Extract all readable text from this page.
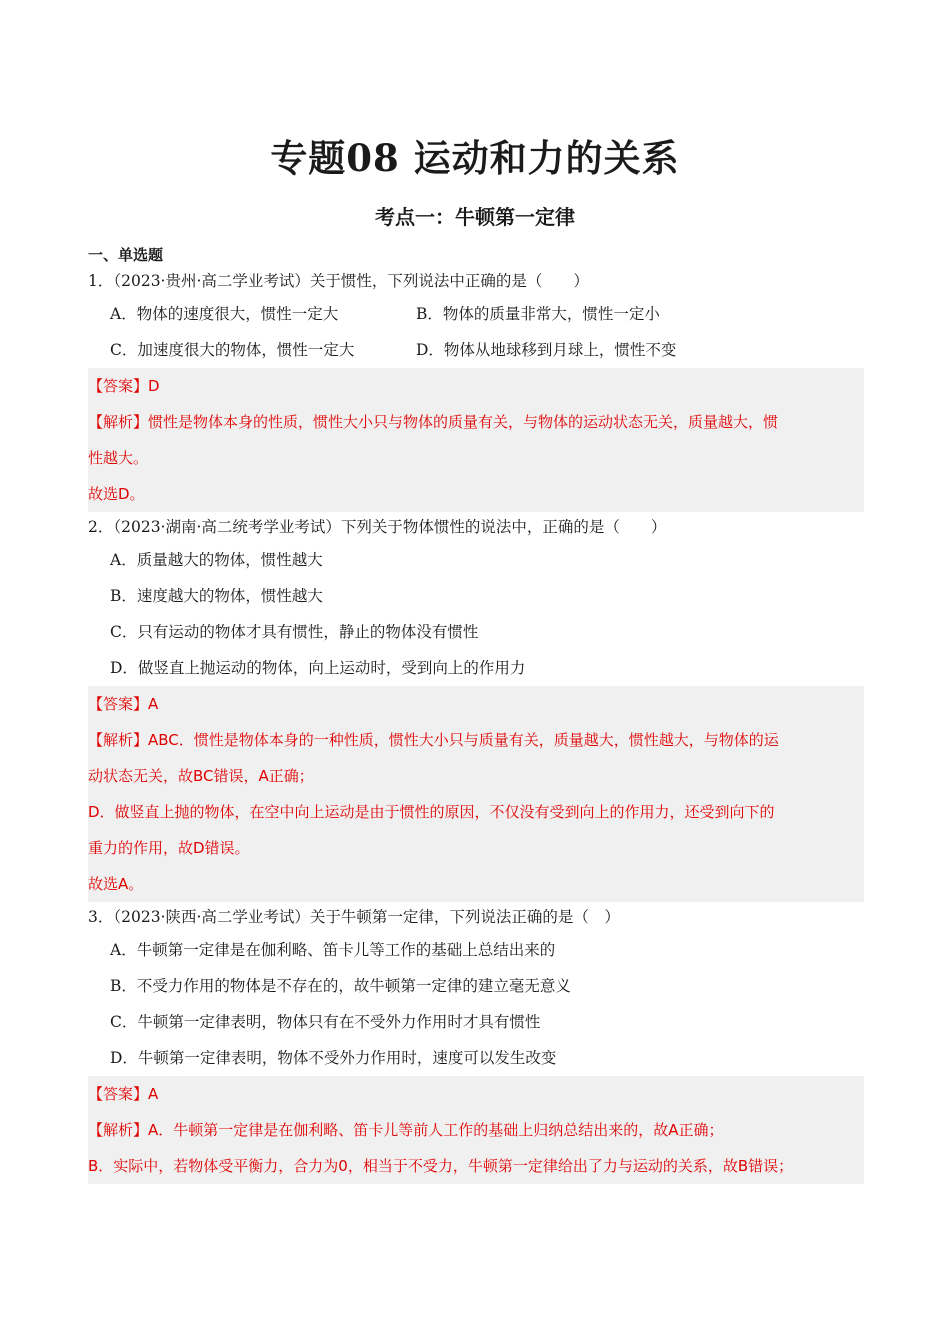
专题08 运动和力的关系
考点一：牛顿第一定律
一、单选题
1．（2023·贵州·高二学业考试）关于惯性，下列说法中正确的是（　　）
A．物体的速度很大，惯性一定大	B．物体的质量非常大，惯性一定小
C．加速度很大的物体，惯性一定大	D．物体从地球移到月球上，惯性不变
【答案】D
【解析】惯性是物体本身的性质，惯性大小只与物体的质量有关，与物体的运动状态无关，质量越大，惯
性越大。
故选D。
2．（2023·湖南·高二统考学业考试）下列关于物体惯性的说法中，正确的是（　　）
A．质量越大的物体，惯性越大
B．速度越大的物体，惯性越大
C．只有运动的物体才具有惯性，静止的物体没有惯性
D．做竖直上抛运动的物体，向上运动时，受到向上的作用力
【答案】A
【解析】ABC．惯性是物体本身的一种性质，惯性大小只与质量有关，质量越大，惯性越大，与物体的运
动状态无关，故BC错误，A正确；
D．做竖直上抛的物体，在空中向上运动是由于惯性的原因，不仅没有受到向上的作用力，还受到向下的
重力的作用，故D错误。
故选A。
3．（2023·陕西·高二学业考试）关于牛顿第一定律，下列说法正确的是（　）
A．牛顿第一定律是在伽利略、笛卡儿等工作的基础上总结出来的
B．不受力作用的物体是不存在的，故牛顿第一定律的建立毫无意义
C．牛顿第一定律表明，物体只有在不受外力作用时才具有惯性
D．牛顿第一定律表明，物体不受外力作用时，速度可以发生改变
【答案】A
【解析】A．牛顿第一定律是在伽利略、笛卡儿等前人工作的基础上归纳总结出来的，故A正确；
B．实际中，若物体受平衡力，合力为0，相当于不受力，牛顿第一定律给出了力与运动的关系，故B错误；
